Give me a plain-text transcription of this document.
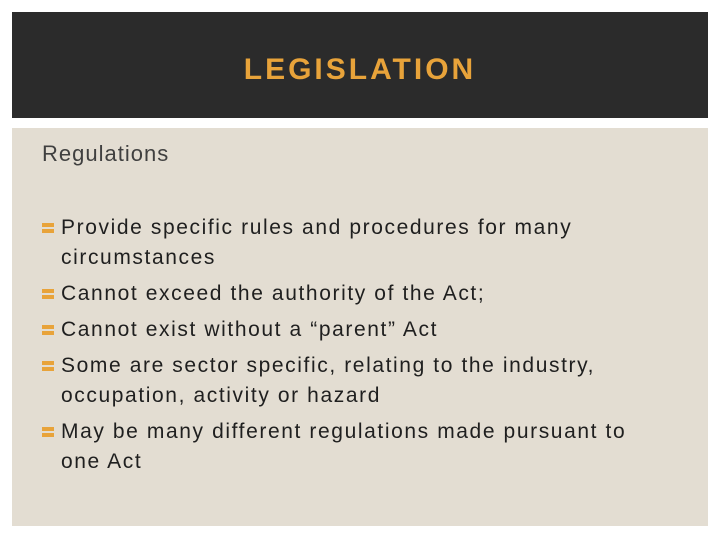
LEGISLATION

Regulations

Provide specific rules and procedures for many circumstances
Cannot exceed the authority of the Act;
Cannot exist without a “parent” Act
Some are sector specific, relating to the industry, occupation, activity or hazard
May be many different regulations made pursuant to one Act
